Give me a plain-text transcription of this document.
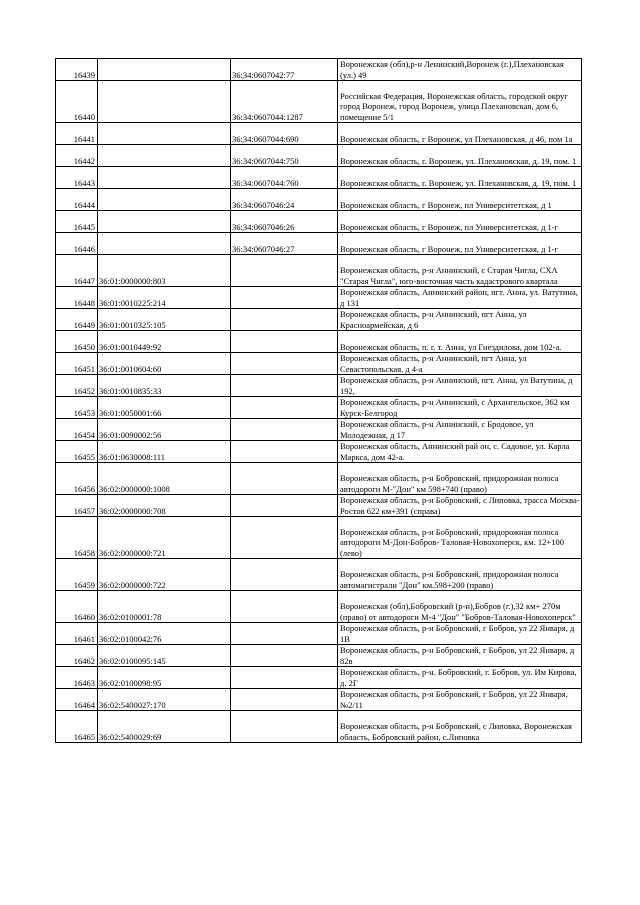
16439		36:34:0607042:77	Воронежская (обл),р-н Ленинский,Воронеж (г.),Плехановская (ул.) 49
16440		36:34:0607044:1287	Российская Федерация, Воронежская область, городской округ город Воронеж, город Воронеж, улица Плехановская, дом 6, помещение 5/1
16441		36:34:0607044:690	Воронежская область, г Воронеж, ул Плехановская, д 46, пом 1а
16442		36:34:0607044:750	Воронежская область, г. Воронеж, ул. Плехановская, д. 19, пом. 1
16443		36:34:0607044:760	Воронежская область, г. Воронеж, ул. Плехановская, д. 19, пом. 1
16444		36:34:0607046:24	Воронежская область, г Воронеж, пл Университетская, д 1
16445		36:34:0607046:26	Воронежская область, г Воронеж, пл Университетская, д 1-г
16446		36:34:0607046:27	Воронежская область, г Воронеж, пл Университетская, д 1-г
16447	36:01:0000000:803		Воронежская область, р-н Аннинский, с Старая Чигла, СХА "Старая Чигла", юго-восточная часть кадастрового квартала
16448	36:01:0010225:214		Воронежская область, Аннинский район, пгт. Анна, ул. Ватутина, д 131
16449	36:01:0010325:105		Воронежская область, р-н Аннинский, пгт Анна, ул Красноармейская, д 6
16450	36:01:0010449:92		Воронежская область, п. г. т. Анна, ул Гнездилова, дом 102-а.
16451	36:01:0010604:60		Воронежская область, р-н Аннинский, пгт Анна, ул Севастопольская, д 4-а
16452	36:01:0010835:33		Воронежская область, р-н Аннинский, пгт. Анна, ул Ватутина, д 192,
16453	36:01:0050001:66		Воронежская область, р-н Аннинский, с Архангельское, 362 км Курск-Белгород
16454	36:01:0090002:56		Воронежская область, р-н Аннинский, с Бродовое, ул Молодежная, д 17
16455	36:01:0630008:111		Воронежская область, Аннинский рай он, с. Садовое, ул. Карла Маркса, дом 42-а.
16456	36:02:0000000:1008		Воронежская область, р-н Бобровский, придорожная полоса автодороги М-"Дон" км 598+740 (право)
16457	36:02:0000000:708		Воронежская область, р-н Бобровский, с Липовка, трасса Москва-Ростов 622 км+391 (справа)
16458	36:02:0000000:721		Воронежская область, р-н Бобровский, придорожная полоса автодороги М-Дон-Бобров- Таловая-Новохоперск, км. 12+100 (лево)
16459	36:02:0000000:722		Воронежская область, р-н Бобровский, придорожная полоса автомагистрали "Дон" км.598+200 (право)
16460	36:02:0100001:78		Воронежская (обл),Бобровский (р-н),Бобров (г.),32 км+ 270м (право) от автодороги М-4 "Дон" "Бобров-Таловая-Новохоперск"
16461	36:02:0100042:76		Воронежская область, р-н Бобровский, г Бобров, ул 22 Января, д 1В
16462	36:02:0100095:145		Воронежская область, р-н Бобровский, г Бобров, ул 22 Января, д 82в
16463	36:02:0100098:95		Воронежская область, р-н. Бобровский, г. Бобров, ул. Им Кирова, д. 2Г
16464	36:02:5400027:170		Воронежская область, р-н Бобровский, г Бобров, ул 22 Января, №2/11
16465	36:02:5400029:69		Воронежская область, р-н Бобровский, с Липовка, Воронежская область, Бобровский район, с.Липовка
